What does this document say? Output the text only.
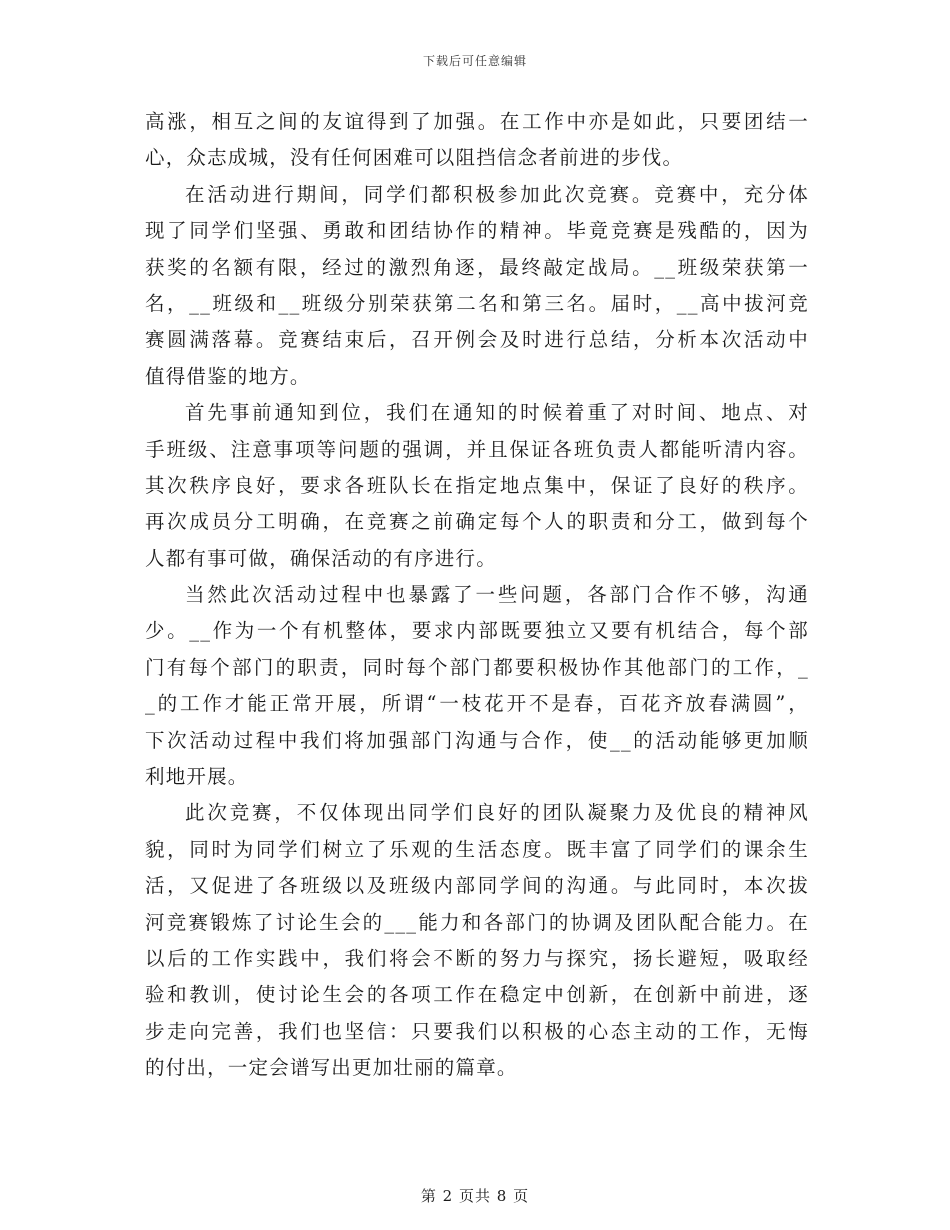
下载后可任意编辑
高涨，相互之间的友谊得到了加强。在工作中亦是如此，只要团结一
心，众志成城，没有任何困难可以阻挡信念者前进的步伐。
在活动进行期间，同学们都积极参加此次竞赛。竞赛中，充分体
现了同学们坚强、勇敢和团结协作的精神。毕竟竞赛是残酷的，因为
获奖的名额有限，经过的激烈角逐，最终敲定战局。__班级荣获第一
名，__班级和__班级分别荣获第二名和第三名。届时，__高中拔河竞
赛圆满落幕。竞赛结束后，召开例会及时进行总结，分析本次活动中
值得借鉴的地方。
首先事前通知到位，我们在通知的时候着重了对时间、地点、对
手班级、注意事项等问题的强调，并且保证各班负责人都能听清内容。
其次秩序良好，要求各班队长在指定地点集中，保证了良好的秩序。
再次成员分工明确，在竞赛之前确定每个人的职责和分工，做到每个
人都有事可做，确保活动的有序进行。
当然此次活动过程中也暴露了一些问题，各部门合作不够，沟通
少。__作为一个有机整体，要求内部既要独立又要有机结合，每个部
门有每个部门的职责，同时每个部门都要积极协作其他部门的工作，_
_的工作才能正常开展，所谓“一枝花开不是春，百花齐放春满圆”，
下次活动过程中我们将加强部门沟通与合作，使__的活动能够更加顺
利地开展。
此次竞赛，不仅体现出同学们良好的团队凝聚力及优良的精神风
貌，同时为同学们树立了乐观的生活态度。既丰富了同学们的课余生
活，又促进了各班级以及班级内部同学间的沟通。与此同时，本次拔
河竞赛锻炼了讨论生会的___能力和各部门的协调及团队配合能力。在
以后的工作实践中，我们将会不断的努力与探究，扬长避短，吸取经
验和教训，使讨论生会的各项工作在稳定中创新，在创新中前进，逐
步走向完善，我们也坚信：只要我们以积极的心态主动的工作，无悔
的付出，一定会谱写出更加壮丽的篇章。
第 2 页共 8 页
